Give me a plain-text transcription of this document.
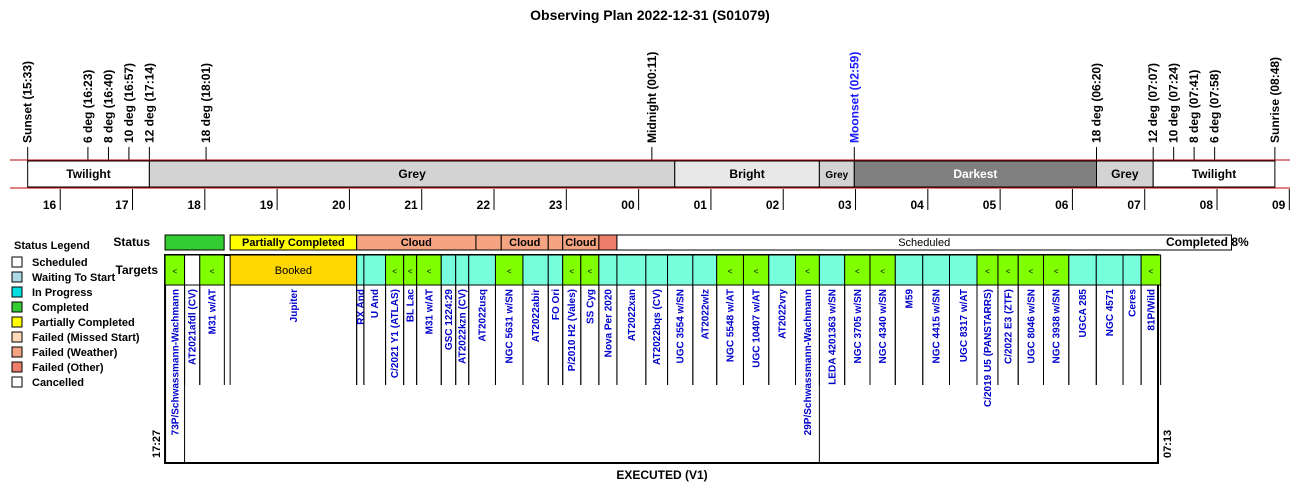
Observing Plan 2022-12-31 (S01079)
Sunset (15:33)	6 deg (16:23) 8 deg (16:40) 10 deg (16:57) 12 deg (17:14)	18 deg (18:01)	Midnight (00:11)	Moonset (02:59)	18 deg (06:20)	12 deg (07:07) 10 deg (07:24) 8 deg (07:41) 6 deg (07:58)	Sunrise (08:48)
Twilight	Grey	Bright	Grey	Darkest	Grey	Twilight
16	17	18	19	20	21	22	23	00	01	02	03	04	05	06	07	08	09
Status Legend
Scheduled
Waiting To Start
In Progress
Completed
Partially Completed
Failed (Missed Start)
Failed (Weather)
Failed (Other)
Cancelled
Status
Targets
Partially Completed	Cloud	Cloud Cloud	Scheduled
<
73P/Schwassmann-Wachmann AT2021afdl (CV)
<
M31 w/AT
Booked
Jupiter	RX And U And
<
C/2021 Y1 (ATLAS)
<
BL Lac
<
M31 w/AT GSC 1224:29 AT2022kzn (CV) AT2022usq
<
NGC 5631 w/SN AT2022abir FO Ori
<
P/2010 H2 (Vales)
<
SS Cyg Nova Per 2020 AT2022xan AT2022bqs (CV) UGC 3554 w/SN AT2022wlz
<
NGC 5548 w/AT
<
UGC 10407 w/AT AT2022vry
<
29P/Schwassmann-Wachmann LEDA 4201363 w/SN
<
NGC 3705 w/SN
<
NGC 4340 w/SN M59 NGC 4415 w/SN UGC 8317 w/AT
<
C/2019 U5 (PANSTARRS)
<
C/2022 E3 (ZTF)
<
UGC 8046 w/SN
<
NGC 3938 w/SN UGCA 285 NGC 4571 Ceres
<
81P/Wild
Completed 8%
17:27	07:13
EXECUTED (V1)
